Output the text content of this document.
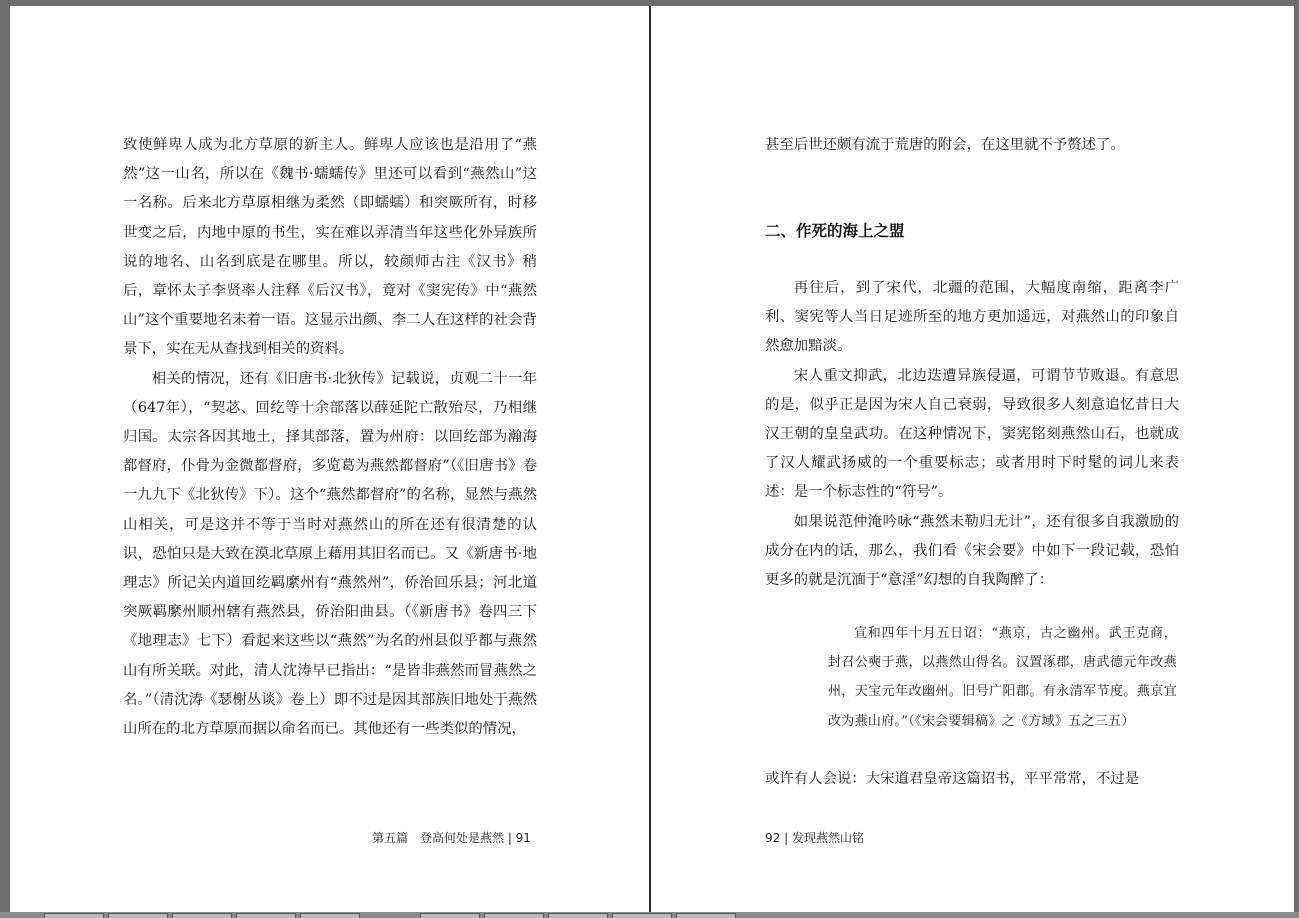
致使鲜卑人成为北方草原的新主人。鲜卑人应该也是沿用了“燕然”这一山名，所以在《魏书·蠕蠕传》里还可以看到“燕然山”这一名称。后来北方草原相继为柔然（即蠕蠕）和突厥所有，时移世变之后，内地中原的书生，实在难以弄清当年这些化外异族所说的地名、山名到底是在哪里。所以，较颜师古注《汉书》稍后，章怀太子李贤率人注释《后汉书》，竟对《窦宪传》中“燕然山”这个重要地名未着一语。这显示出颜、李二人在这样的社会背景下，实在无从查找到相关的资料。

相关的情况，还有《旧唐书·北狄传》记载说，贞观二十一年（647年），“契苾、回纥等十余部落以薛延陀亡散殆尽，乃相继归国。太宗各因其地土，择其部落，置为州府：以回纥部为瀚海都督府，仆骨为金微都督府，多览葛为燕然都督府”（《旧唐书》卷一九九下《北狄传》下）。这个“燕然都督府”的名称，显然与燕然山相关，可是这并不等于当时对燕然山的所在还有很清楚的认识，恐怕只是大致在漠北草原上藉用其旧名而已。又《新唐书·地理志》所记关内道回纥羁縻州有“燕然州”，侨治回乐县；河北道突厥羁縻州顺州辖有燕然县，侨治阳曲县。（《新唐书》卷四三下《地理志》七下）看起来这些以“燕然”为名的州县似乎都与燕然山有所关联。对此，清人沈涛早已指出：“是皆非燕然而冒燕然之名。”（清沈涛《瑟榭丛谈》卷上）即不过是因其部族旧地处于燕然山所在的北方草原而据以命名而已。其他还有一些类似的情况，

第五篇　登高何处是燕然 | 91

甚至后世还颇有流于荒唐的附会，在这里就不予赘述了。

二、作死的海上之盟

再往后，到了宋代，北疆的范围，大幅度南缩，距离李广利、窦宪等人当日足迹所至的地方更加遥远，对燕然山的印象自然愈加黯淡。

宋人重文抑武，北边迭遭异族侵逼，可谓节节败退。有意思的是，似乎正是因为宋人自己衰弱，导致很多人刻意追忆昔日大汉王朝的皇皇武功。在这种情况下，窦宪铭刻燕然山石，也就成了汉人耀武扬威的一个重要标志；或者用时下时髦的词儿来表述：是一个标志性的“符号”。

如果说范仲淹吟咏“燕然未勒归无计”，还有很多自我激励的成分在内的话，那么，我们看《宋会要》中如下一段记载，恐怕更多的就是沉湎于“意淫”幻想的自我陶醉了：

宣和四年十月五日诏：“燕京，古之幽州。武王克商，封召公奭于燕，以燕然山得名。汉置涿郡，唐武德元年改燕州，天宝元年改幽州。旧号广阳郡。有永清军节度。燕京宜改为燕山府。”（《宋会要辑稿》之《方域》五之三五）

或许有人会说：大宋道君皇帝这篇诏书，平平常常，不过是

92 | 发现燕然山铭
